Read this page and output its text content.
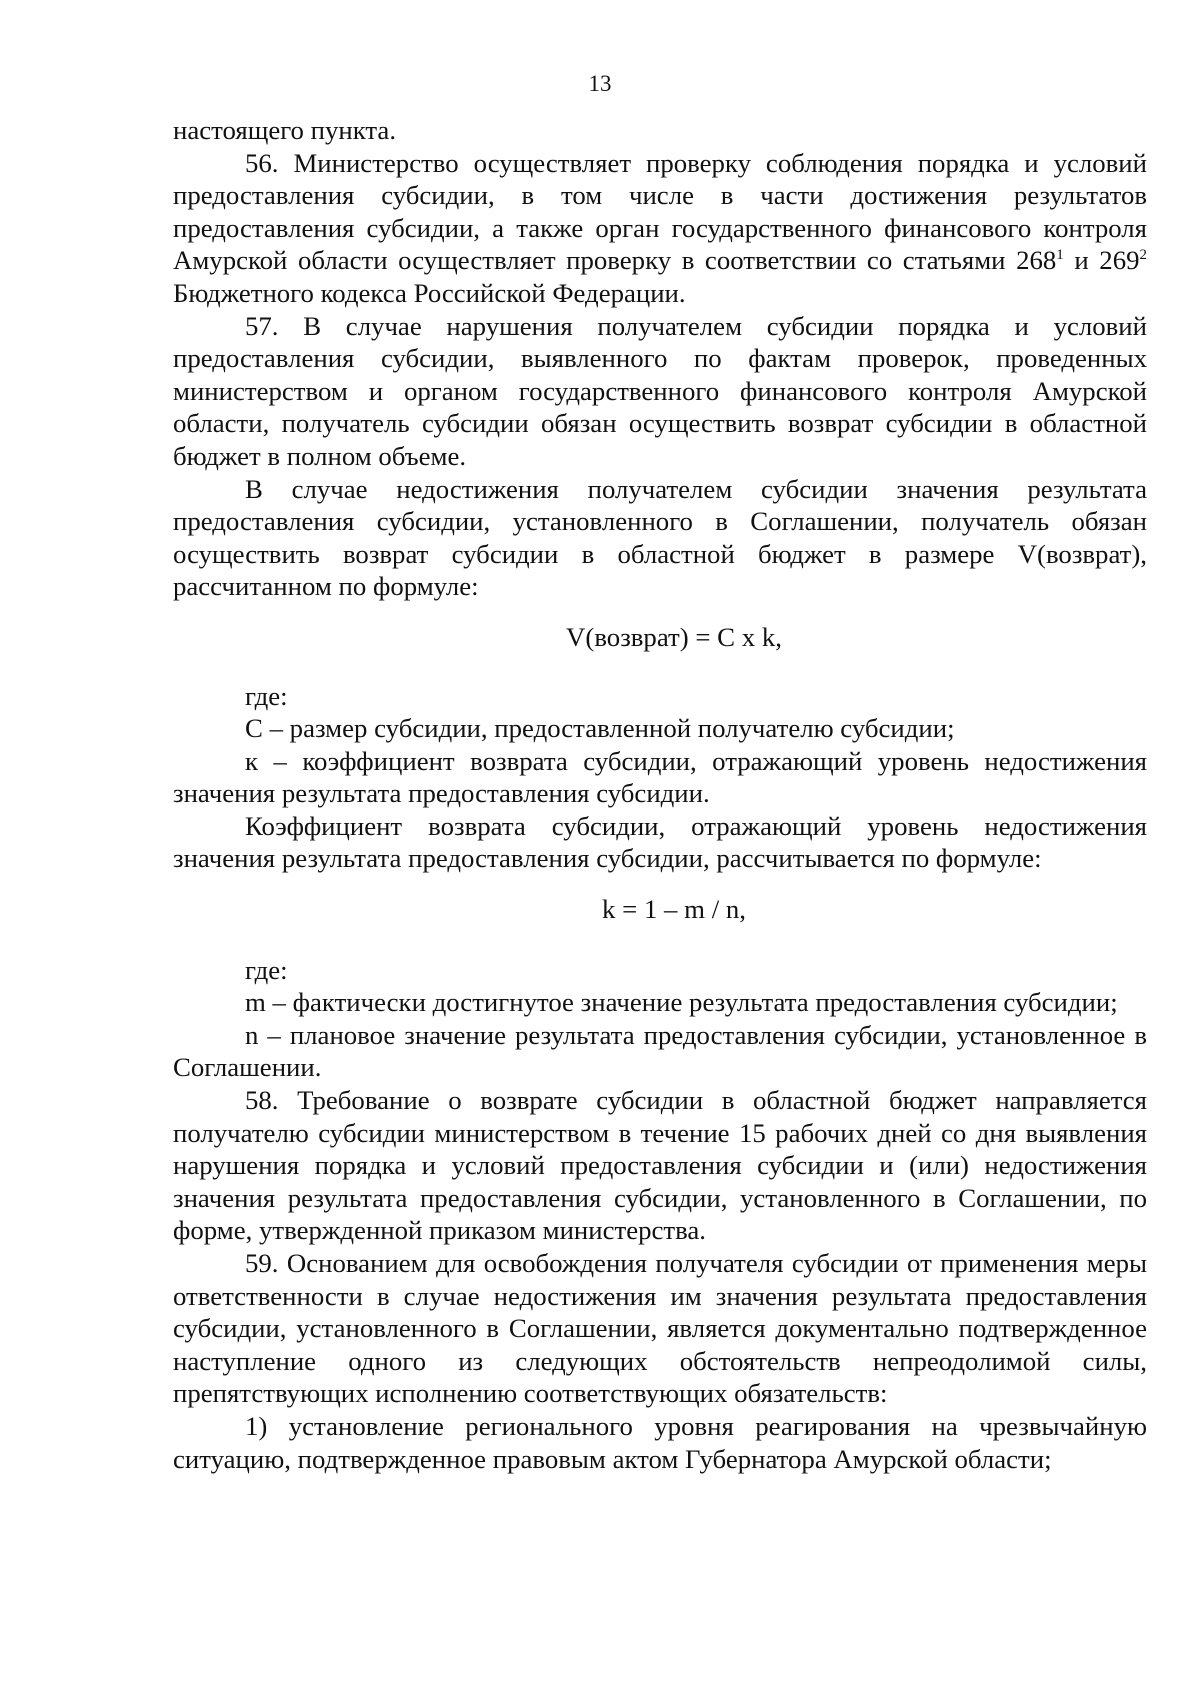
13

настоящего пункта.

56. Министерство осуществляет проверку соблюдения порядка и условий предоставления субсидии, в том числе в части достижения результатов предоставления субсидии, а также орган государственного финансового контроля Амурской области осуществляет проверку в соответствии со статьями $268^1$ и $269^2$ Бюджетного кодекса Российской Федерации.

57. В случае нарушения получателем субсидии порядка и условий предоставления субсидии, выявленного по фактам проверок, проведенных министерством и органом государственного финансового контроля Амурской области, получатель субсидии обязан осуществить возврат субсидии в областной бюджет в полном объеме.

В случае недостижения получателем субсидии значения результата предоставления субсидии, установленного в Соглашении, получатель обязан осуществить возврат субсидии в областной бюджет в размере V(возврат), рассчитанном по формуле:

V(возврат) = C x k,

где:

C – размер субсидии, предоставленной получателю субсидии;

к – коэффициент возврата субсидии, отражающий уровень недостижения значения результата предоставления субсидии.

Коэффициент возврата субсидии, отражающий уровень недостижения значения результата предоставления субсидии, рассчитывается по формуле:

k = 1 – m / n,

где:

m – фактически достигнутое значение результата предоставления субсидии;

n – плановое значение результата предоставления субсидии, установленное в Соглашении.

58. Требование о возврате субсидии в областной бюджет направляется получателю субсидии министерством в течение 15 рабочих дней со дня выявления нарушения порядка и условий предоставления субсидии и (или) недостижения значения результата предоставления субсидии, установленного в Соглашении, по форме, утвержденной приказом министерства.

59. Основанием для освобождения получателя субсидии от применения меры ответственности в случае недостижения им значения результата предоставления субсидии, установленного в Соглашении, является документально подтвержденное наступление одного из следующих обстоятельств непреодолимой силы, препятствующих исполнению соответствующих обязательств:

1) установление регионального уровня реагирования на чрезвычайную ситуацию, подтвержденное правовым актом Губернатора Амурской области;
